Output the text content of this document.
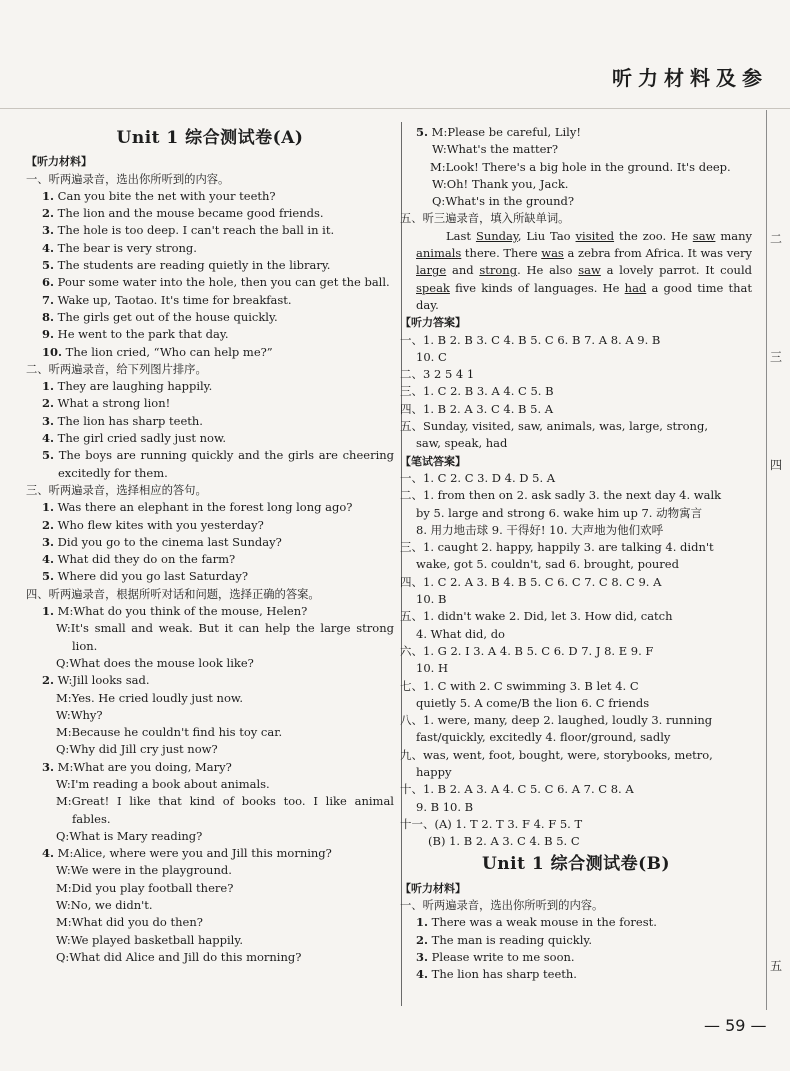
听力材料及参
二
三
四
五
Unit 1 综合测试卷(A)
【听力材料】
一、听两遍录音，选出你所听到的内容。
1. Can you bite the net with your teeth?
2. The lion and the mouse became good friends.
3. The hole is too deep. I can't reach the ball in it.
4. The bear is very strong.
5. The students are reading quietly in the library.
6. Pour some water into the hole, then you can get the ball.
7. Wake up, Taotao. It's time for breakfast.
8. The girls get out of the house quickly.
9. He went to the park that day.
10. The lion cried, “Who can help me?”
二、听两遍录音，给下列图片排序。
1. They are laughing happily.
2. What a strong lion!
3. The lion has sharp teeth.
4. The girl cried sadly just now.
5. The boys are running quickly and the girls are cheering excitedly for them.
三、听两遍录音，选择相应的答句。
1. Was there an elephant in the forest long long ago?
2. Who flew kites with you yesterday?
3. Did you go to the cinema last Sunday?
4. What did they do on the farm?
5. Where did you go last Saturday?
四、听两遍录音，根据所听对话和问题，选择正确的答案。
1. M:What do you think of the mouse, Helen?
W:It's small and weak. But it can help the large strong lion.
Q:What does the mouse look like?
2. W:Jill looks sad.
M:Yes. He cried loudly just now.
W:Why?
M:Because he couldn't find his toy car.
Q:Why did Jill cry just now?
3. M:What are you doing, Mary?
W:I'm reading a book about animals.
M:Great! I like that kind of books too. I like animal fables.
Q:What is Mary reading?
4. M:Alice, where were you and Jill this morning?
W:We were in the playground.
M:Did you play football there?
W:No, we didn't.
M:What did you do then?
W:We played basketball happily.
Q:What did Alice and Jill do this morning?
5. M:Please be careful, Lily!
W:What's the matter?
M:Look! There's a big hole in the ground. It's deep.
W:Oh! Thank you, Jack.
Q:What's in the ground?
五、听三遍录音，填入所缺单词。
Last Sunday, Liu Tao visited the zoo. He saw many animals there. There was a zebra from Africa. It was very large and strong. He also saw a lovely parrot. It could speak five kinds of languages. He had a good time that day.
【听力答案】
一、1. B 2. B 3. C 4. B 5. C 6. B 7. A 8. A 9. B
10. C
二、3 2 5 4 1
三、1. C 2. B 3. A 4. C 5. B
四、1. B 2. A 3. C 4. B 5. A
五、Sunday, visited, saw, animals, was, large, strong,
saw, speak, had
【笔试答案】
一、1. C 2. C 3. D 4. D 5. A
二、1. from then on 2. ask sadly 3. the next day 4. walk
by 5. large and strong 6. wake him up 7. 动物寓言
8. 用力地击球 9. 干得好! 10. 大声地为他们欢呼
三、1. caught 2. happy, happily 3. are talking 4. didn't
wake, got 5. couldn't, sad 6. brought, poured
四、1. C 2. A 3. B 4. B 5. C 6. C 7. C 8. C 9. A
10. B
五、1. didn't wake 2. Did, let 3. How did, catch
4. What did, do
六、1. G 2. I 3. A 4. B 5. C 6. D 7. J 8. E 9. F
10. H
七、1. C with 2. C swimming 3. B let 4. C
quietly 5. A come/B the lion 6. C friends
八、1. were, many, deep 2. laughed, loudly 3. running
fast/quickly, excitedly 4. floor/ground, sadly
九、was, went, foot, bought, were, storybooks, metro,
happy
十、1. B 2. A 3. A 4. C 5. C 6. A 7. C 8. A
9. B 10. B
十一、(A) 1. T 2. T 3. F 4. F 5. T
(B) 1. B 2. A 3. C 4. B 5. C
Unit 1 综合测试卷(B)
【听力材料】
一、听两遍录音，选出你所听到的内容。
1. There was a weak mouse in the forest.
2. The man is reading quickly.
3. Please write to me soon.
4. The lion has sharp teeth.
— 59 —
